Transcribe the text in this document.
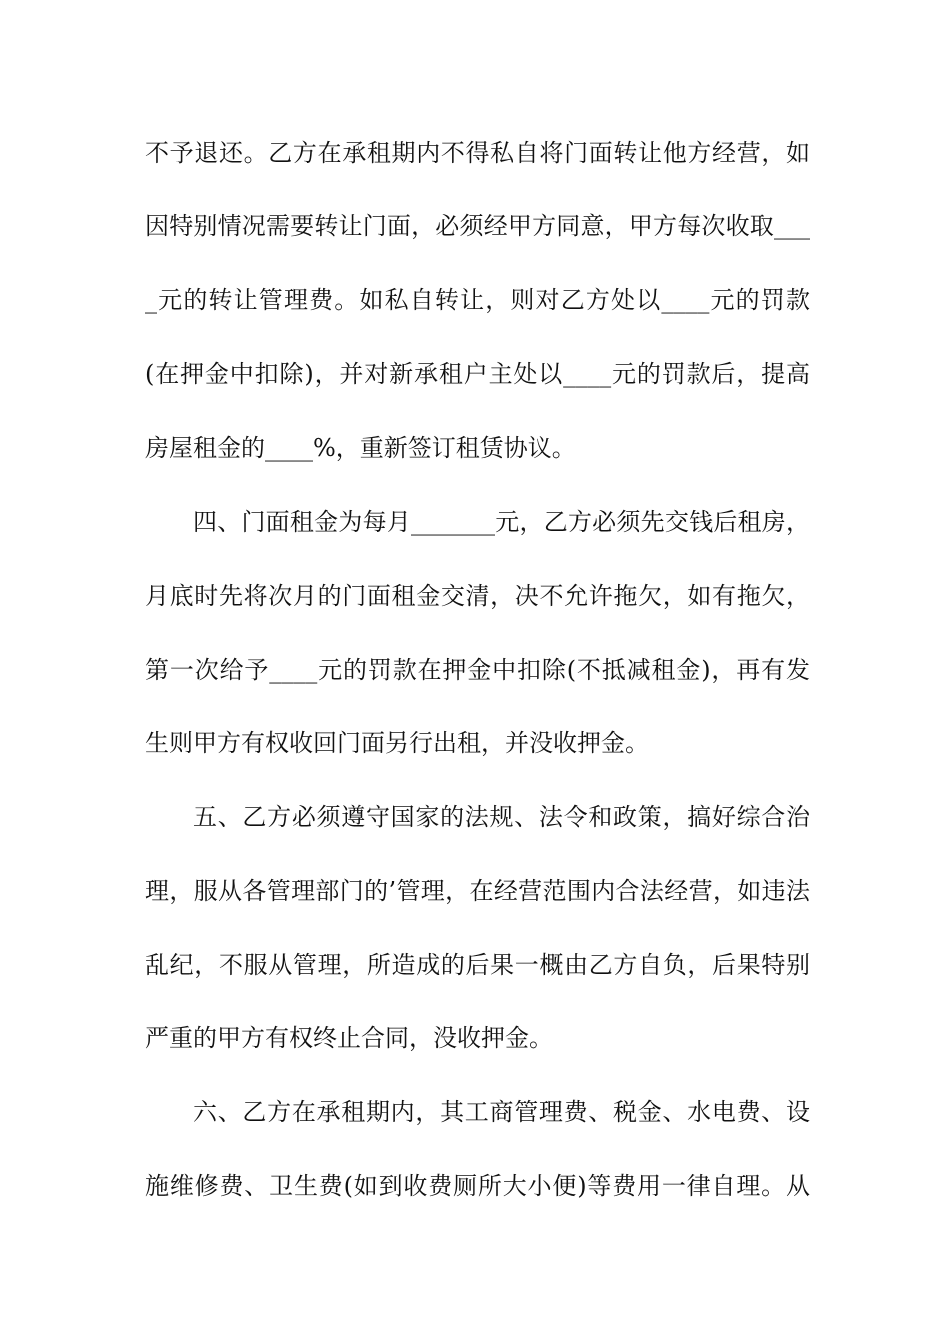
不予退还。乙方在承租期内不得私自将门面转让他方经营，如
因特别情况需要转让门面，必须经甲方同意，甲方每次收取___
_元的转让管理费。如私自转让，则对乙方处以____元的罚款
(在押金中扣除)，并对新承租户主处以____元的罚款后，提高
房屋租金的____%，重新签订租赁协议。
四、门面租金为每月_______元，乙方必须先交钱后租房，
月底时先将次月的门面租金交清，决不允许拖欠，如有拖欠，
第一次给予____元的罚款在押金中扣除(不抵减租金)，再有发
生则甲方有权收回门面另行出租，并没收押金。
五、乙方必须遵守国家的法规、法令和政策，搞好综合治
理，服从各管理部门的’管理，在经营范围内合法经营，如违法
乱纪，不服从管理，所造成的后果一概由乙方自负，后果特别
严重的甲方有权终止合同，没收押金。
六、乙方在承租期内，其工商管理费、税金、水电费、设
施维修费、卫生费(如到收费厕所大小便)等费用一律自理。从
